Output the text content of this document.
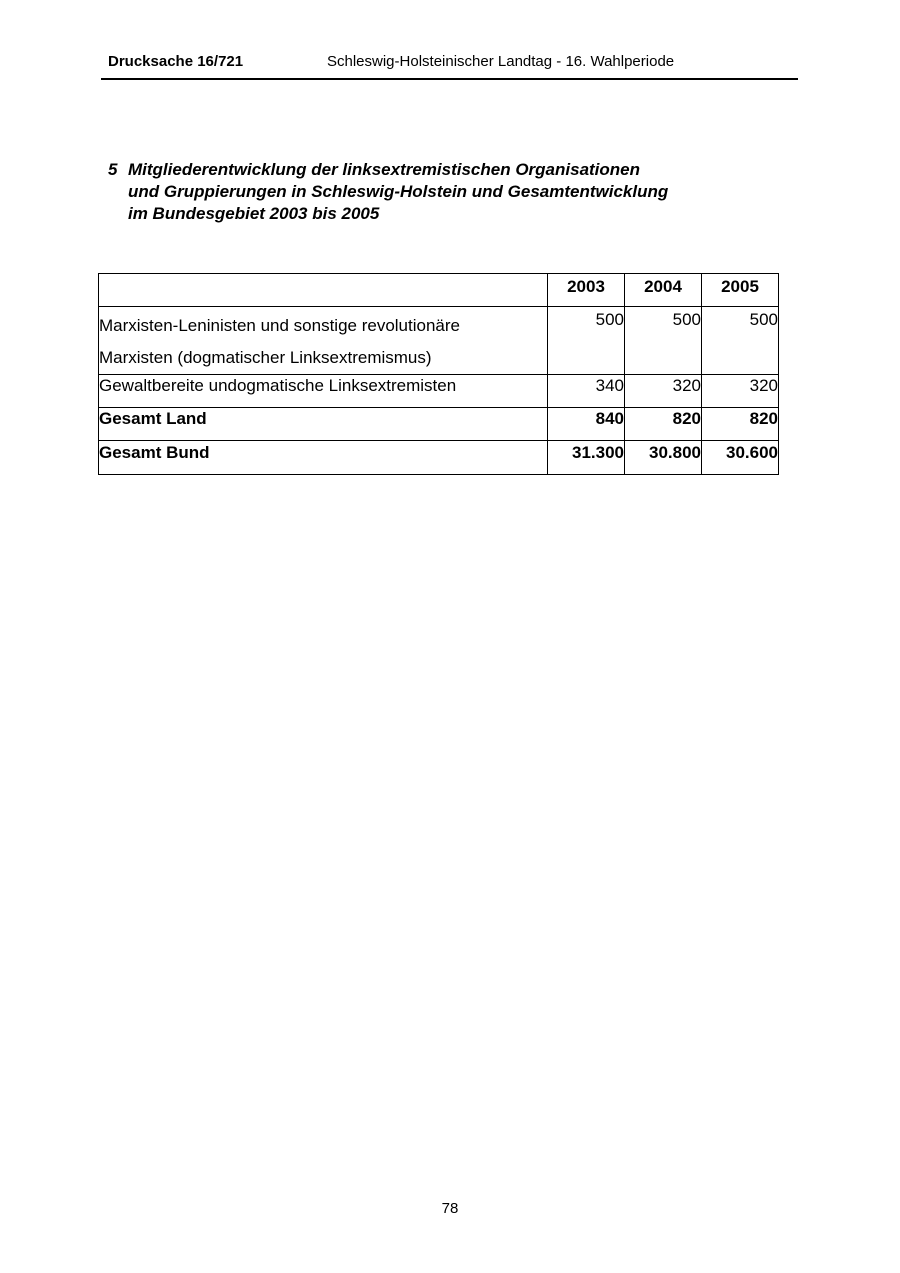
Drucksache 16/721	Schleswig-Holsteinischer Landtag - 16. Wahlperiode
5 Mitgliederentwicklung der linksextremistischen Organisationen
und Gruppierungen in Schleswig-Holstein und Gesamtentwicklung
im Bundesgebiet 2003 bis 2005
	2003	2004	2005

Marxisten-Leninisten und sonstige revolutionäre
Marxisten (dogmatischer Linksextremismus)	500	500	500
Gewaltbereite undogmatische Linksextremisten	340	320	320
Gesamt Land	840	820	820
Gesamt Bund	31.300	30.800	30.600
78
